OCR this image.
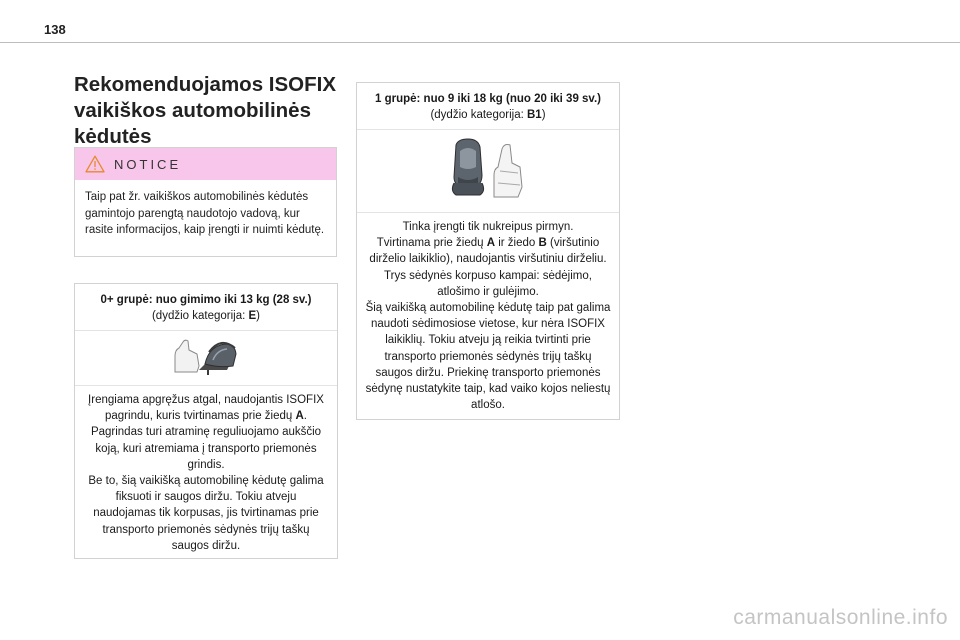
138
Rekomenduojamos ISOFIX
vaikiškos automobilinės
kėdutės
NOTICE
Taip pat žr. vaikiškos automobilinės kėdutės gamintojo parengtą naudotojo vadovą, kur rasite informacijos, kaip įrengti ir nuimti kėdutę.
0+ grupė: nuo gimimo iki 13 kg (28 sv.)
(dydžio kategorija: E)
Įrengiama apgręžus atgal, naudojantis ISOFIX pagrindu, kuris tvirtinamas prie žiedų A.
Pagrindas turi atraminę reguliuojamo aukščio koją, kuri atremiama į transporto priemonės grindis.
Be to, šią vaikišką automobilinę kėdutę galima fiksuoti ir saugos diržu. Tokiu atveju naudojamas tik korpusas, jis tvirtinamas prie transporto priemonės sėdynės trijų taškų saugos diržu.
1 grupė: nuo 9 iki 18 kg (nuo 20 iki 39 sv.)
(dydžio kategorija: B1)
Tinka įrengti tik nukreipus pirmyn.
Tvirtinama prie žiedų A ir žiedo B (viršutinio dirželio laikiklio), naudojantis viršutiniu dirželiu.
Trys sėdynės korpuso kampai: sėdėjimo, atlošimo ir gulėjimo.
Šią vaikišką automobilinę kėdutę taip pat galima naudoti sėdimosiose vietose, kur nėra ISOFIX laikiklių. Tokiu atveju ją reikia tvirtinti prie transporto priemonės sėdynės trijų taškų saugos diržu. Priekinę transporto priemonės sėdynę nustatykite taip, kad vaiko kojos neliestų atlošo.
carmanualsonline.info
